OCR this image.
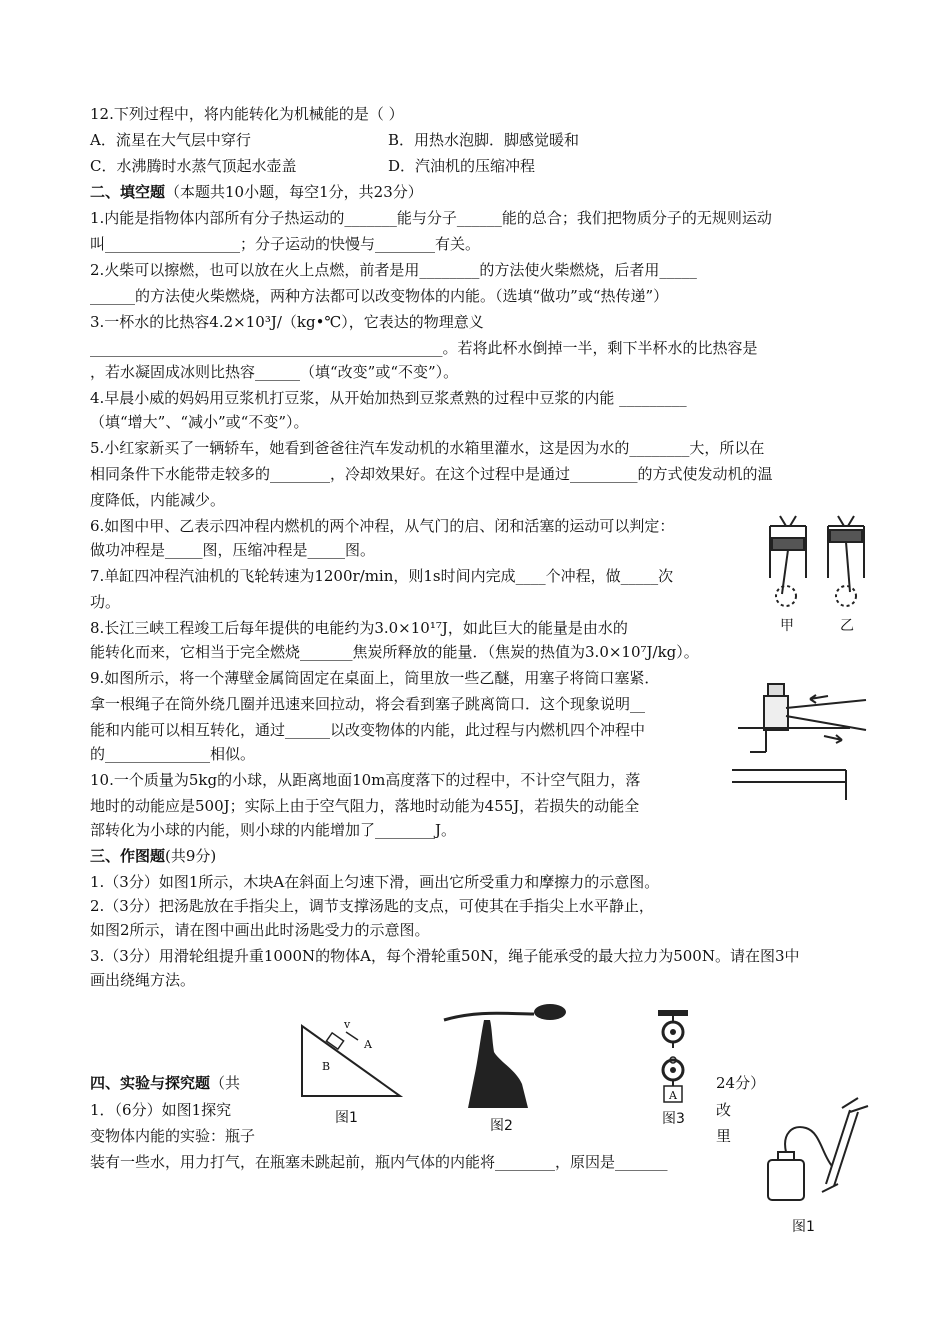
12.下列过程中，将内能转化为机械能的是（ ）
A．流星在大气层中穿行	B．用热水泡脚．脚感觉暖和
C．水沸腾时水蒸气顶起水壶盖	D．汽油机的压缩冲程
二、填空题（本题共10小题，每空1分，共23分）
1.内能是指物体内部所有分子热运动的_______能与分子______能的总合；我们把物质分子的无规则运动
叫__________________；分子运动的快慢与________有关。
2.火柴可以擦燃，也可以放在火上点燃，前者是用________的方法使火柴燃烧，后者用_____
______的方法使火柴燃烧，两种方法都可以改变物体的内能。（选填“做功”或“热传递”）
3.一杯水的比热容4.2×10³J/（kg•℃），它表达的物理意义
_______________________________________________。若将此杯水倒掉一半，剩下半杯水的比热容是
，若水凝固成冰则比热容______（填“改变”或“不变”）。
4.早晨小威的妈妈用豆浆机打豆浆，从开始加热到豆浆煮熟的过程中豆浆的内能 _________
（填“增大”、“减小”或“不变”）。
5.小红家新买了一辆轿车，她看到爸爸往汽车发动机的水箱里灌水，这是因为水的________大，所以在
相同条件下水能带走较多的________，冷却效果好。在这个过程中是通过_________的方式使发动机的温
度降低，内能减少。
6.如图中甲、乙表示四冲程内燃机的两个冲程，从气门的启、闭和活塞的运动可以判定：
做功冲程是_____图，压缩冲程是_____图。
7.单缸四冲程汽油机的飞轮转速为1200r/min，则1s时间内完成____个冲程，做_____次
功。
8.长江三峡工程竣工后每年提供的电能约为3.0×10¹⁷J，如此巨大的能量是由水的
能转化而来，它相当于完全燃烧_______焦炭所释放的能量．（焦炭的热值为3.0×10⁷J/kg）。
9.如图所示，将一个薄壁金属筒固定在桌面上，筒里放一些乙醚，用塞子将筒口塞紧．
拿一根绳子在筒外绕几圈并迅速来回拉动，将会看到塞子跳离筒口．这个现象说明__
能和内能可以相互转化，通过______以改变物体的内能，此过程与内燃机四个冲程中
的______________相似。
10.一个质量为5kg的小球，从距离地面10m高度落下的过程中，不计空气阻力，落
地时的动能应是500J；实际上由于空气阻力，落地时动能为455J，若损失的动能全
部转化为小球的内能，则小球的内能增加了________J。
三、作图题(共9分)
1.（3分）如图1所示，木块A在斜面上匀速下滑，画出它所受重力和摩擦力的示意图。
2.（3分）把汤匙放在手指尖上，调节支撑汤匙的支点，可使其在手指尖上水平静止，
如图2所示，请在图中画出此时汤匙受力的示意图。
3.（3分）用滑轮组提升重1000N的物体A，每个滑轮重50N，绳子能承受的最大拉力为500N。请在图3中
画出绕绳方法。
四、实验与探究题（共	24分）
1．（6分）如图1探究	改
变物体内能的实验：瓶子	里
装有一些水，用力打气，在瓶塞未跳起前，瓶内气体的内能将________，原因是_______
甲	乙
v
A
B
图1	图2
A
图3
图1
